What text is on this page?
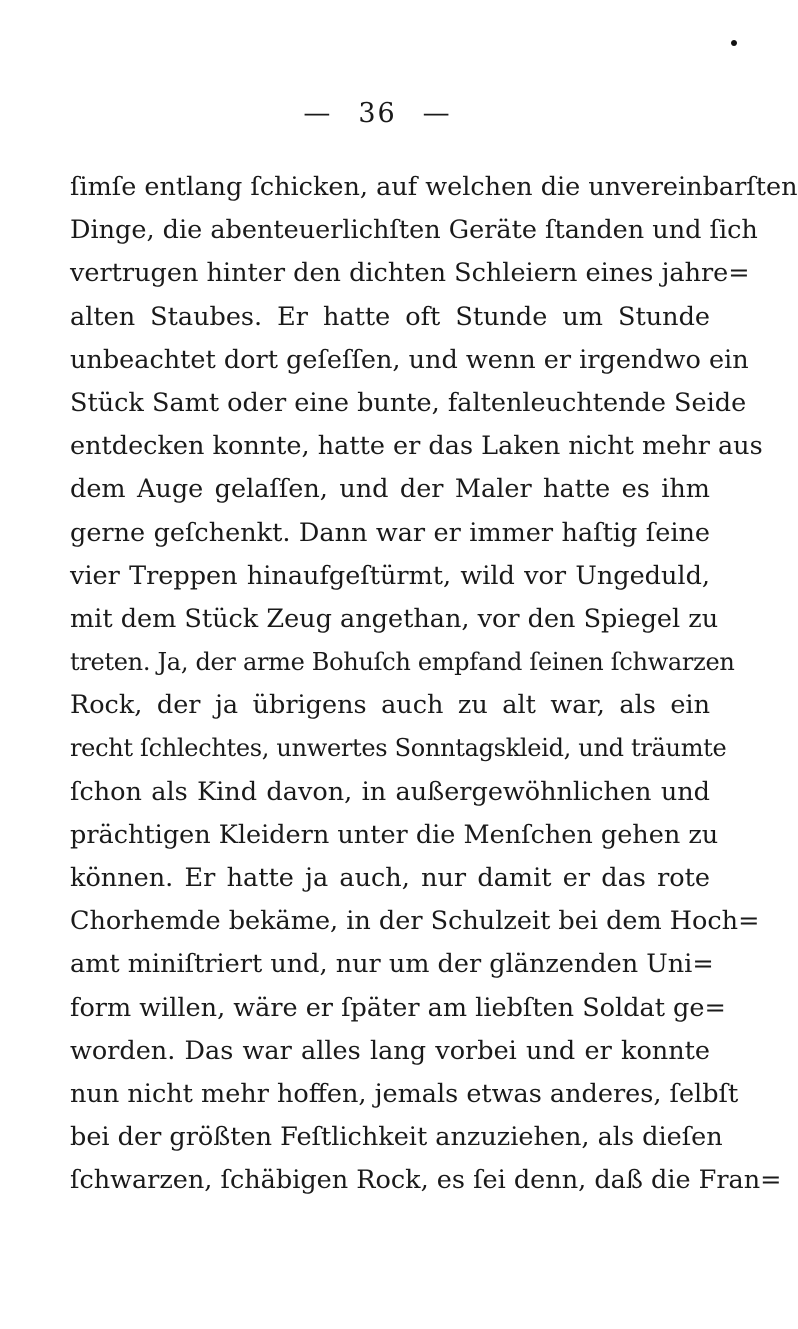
— 36 —
ſimſe entlang ſchicken, auf welchen die unvereinbarſten
Dinge, die abenteuerlichſten Geräte ſtanden und ſich
vertrugen hinter den dichten Schleiern eines jahre=
alten Staubes. Er hatte oft Stunde um Stunde
unbeachtet dort geſeſſen, und wenn er irgendwo ein
Stück Samt oder eine bunte, faltenleuchtende Seide
entdecken konnte, hatte er das Laken nicht mehr aus
dem Auge gelaſſen, und der Maler hatte es ihm
gerne geſchenkt. Dann war er immer haſtig ſeine
vier Treppen hinaufgeſtürmt, wild vor Ungeduld,
mit dem Stück Zeug angethan, vor den Spiegel zu
treten. Ja, der arme Bohuſch empfand ſeinen ſchwarzen
Rock, der ja übrigens auch zu alt war, als ein
recht ſchlechtes, unwertes Sonntagskleid, und träumte
ſchon als Kind davon, in außergewöhnlichen und
prächtigen Kleidern unter die Menſchen gehen zu
können. Er hatte ja auch, nur damit er das rote
Chorhemde bekäme, in der Schulzeit bei dem Hoch=
amt miniſtriert und, nur um der glänzenden Uni=
form willen, wäre er ſpäter am liebſten Soldat ge=
worden. Das war alles lang vorbei und er konnte
nun nicht mehr hoffen, jemals etwas anderes, ſelbſt
bei der größten Feſtlichkeit anzuziehen, als dieſen
ſchwarzen, ſchäbigen Rock, es ſei denn, daß die Fran=
